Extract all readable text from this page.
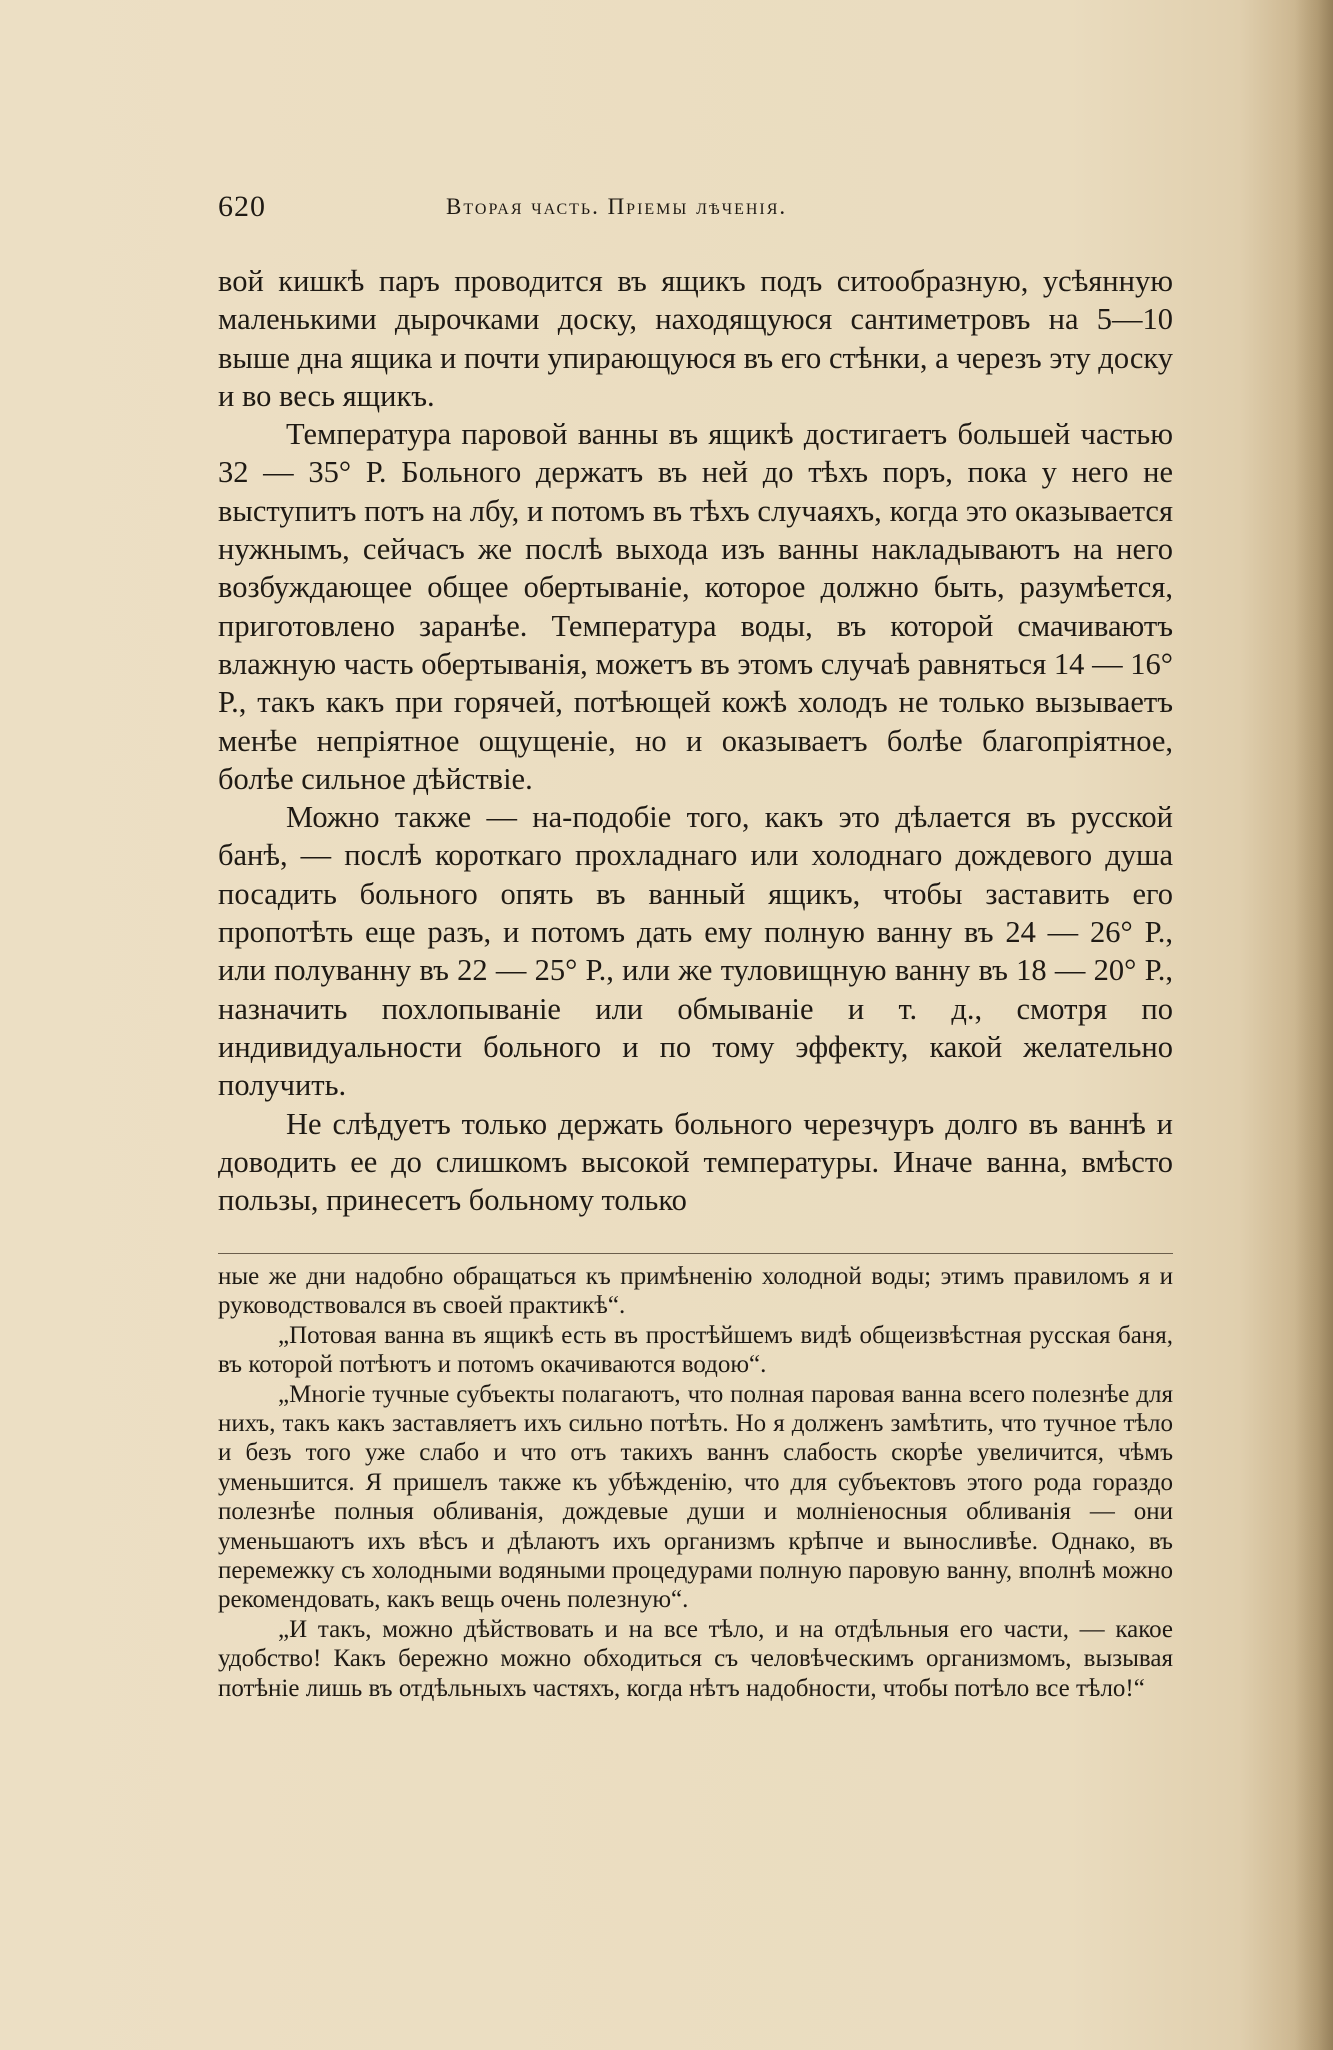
620	Вторая часть. Пріемы лѣченія.

вой кишкѣ паръ проводится въ ящикъ подъ ситообразную, усѣянную маленькими дырочками доску, находящуюся сантиметровъ на 5—10 выше дна ящика и почти упирающуюся въ его стѣнки, а черезъ эту доску и во весь ящикъ.

Температура паровой ванны въ ящикѣ достигаетъ большей частью 32 — 35° Р. Больного держатъ въ ней до тѣхъ поръ, пока у него не выступитъ потъ на лбу, и потомъ въ тѣхъ случаяхъ, когда это оказывается нужнымъ, сейчасъ же послѣ выхода изъ ванны накладываютъ на него возбуждающее общее обертываніе, которое должно быть, разумѣется, приготовлено заранѣе. Температура воды, въ которой смачиваютъ влажную часть обертыванія, можетъ въ этомъ случаѣ равняться 14 — 16° Р., такъ какъ при горячей, потѣющей кожѣ холодъ не только вызываетъ менѣе непріятное ощущеніе, но и оказываетъ болѣе благопріятное, болѣе сильное дѣйствіе.

Можно также — на-подобіе того, какъ это дѣлается въ русской банѣ, — послѣ короткаго прохладнаго или холоднаго дождевого душа посадить больного опять въ ванный ящикъ, чтобы заставить его пропотѣть еще разъ, и потомъ дать ему полную ванну въ 24 — 26° Р., или полуванну въ 22 — 25° Р., или же туловищную ванну въ 18 — 20° Р., назначить похлопываніе или обмываніе и т. д., смотря по индивидуальности больного и по тому эффекту, какой желательно получить.

Не слѣдуетъ только держать больного черезчуръ долго въ ваннѣ и доводить ее до слишкомъ высокой температуры. Иначе ванна, вмѣсто пользы, принесетъ больному только

ные же дни надобно обращаться къ примѣненію холодной воды; этимъ правиломъ я и руководствовался въ своей практикѣ“.

„Потовая ванна въ ящикѣ есть въ простѣйшемъ видѣ общеизвѣстная русская баня, въ которой потѣютъ и потомъ окачиваются водою“.

„Многіе тучные субъекты полагаютъ, что полная паровая ванна всего полезнѣе для нихъ, такъ какъ заставляетъ ихъ сильно потѣть. Но я долженъ замѣтить, что тучное тѣло и безъ того уже слабо и что отъ такихъ ваннъ слабость скорѣе увеличится, чѣмъ уменьшится. Я пришелъ также къ убѣжденію, что для субъектовъ этого рода гораздо полезнѣе полныя обливанія, дождевые души и молніеносныя обливанія — они уменьшаютъ ихъ вѣсъ и дѣлаютъ ихъ организмъ крѣпче и выносливѣе. Однако, въ перемежку съ холодными водяными процедурами полную паровую ванну, вполнѣ можно рекомендовать, какъ вещь очень полезную“.

„И такъ, можно дѣйствовать и на все тѣло, и на отдѣльныя его части, — какое удобство! Какъ бережно можно обходиться съ человѣческимъ организмомъ, вызывая потѣніе лишь въ отдѣльныхъ частяхъ, когда нѣтъ надобности, чтобы потѣло все тѣло!“
